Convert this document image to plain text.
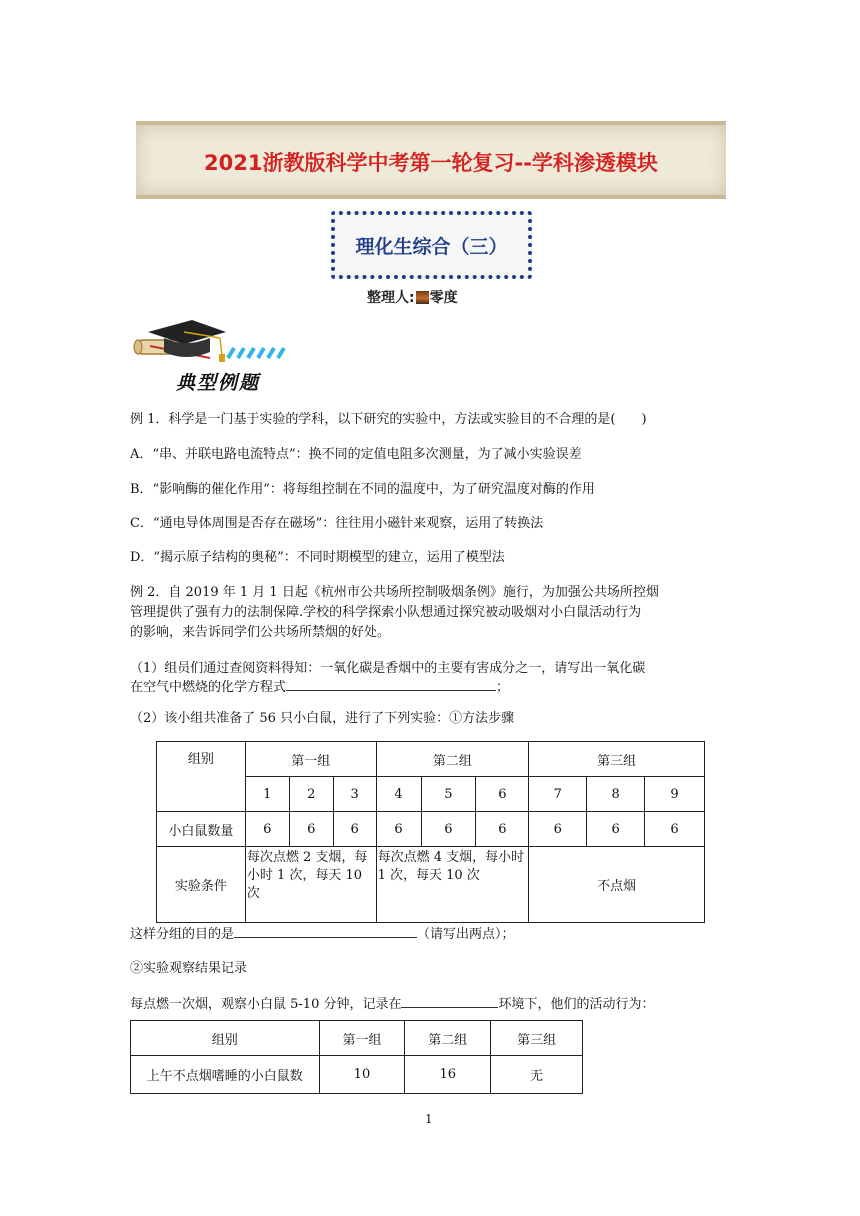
2021浙教版科学中考第一轮复习--学科渗透模块
理化生综合（三）
整理人: 零度
典型例题
例 1．科学是一门基于实验的学科，以下研究的实验中，方法或实验目的不合理的是(　　)
A．“串、并联电路电流特点”：换不同的定值电阻多次测量，为了减小实验误差
B．“影响酶的催化作用”：将每组控制在不同的温度中，为了研究温度对酶的作用
C．“通电导体周围是否存在磁场”：往往用小磁针来观察，运用了转换法
D．“揭示原子结构的奥秘”：不同时期模型的建立，运用了模型法
例 2．自 2019 年 1 月 1 日起《杭州市公共场所控制吸烟条例》施行，为加强公共场所控烟
管理提供了强有力的法制保障.学校的科学探索小队想通过探究被动吸烟对小白鼠活动行为
的影响，来告诉同学们公共场所禁烟的好处。
（1）组员们通过查阅资料得知：一氧化碳是香烟中的主要有害成分之一，请写出一氧化碳
在空气中燃烧的化学方程式	；
（2）该小组共准备了 56 只小白鼠，进行了下列实验：①方法步骤
组别	第一组			第二组			第三组		
	1	2	3	4	5	6	7	8	9
小白鼠数量	6	6	6	6	6	6	6	6	6
实验条件	每次点燃 2 支烟，每小时 1 次，每天 10 次			每次点燃 4 支烟，每小时 1 次，每天 10 次			不点烟		
这样分组的目的是	（请写出两点）；
②实验观察结果记录
每点燃一次烟，观察小白鼠 5-10 分钟，记录在	环境下，他们的活动行为：
组别	第一组	第二组	第三组
上午不点烟嗜睡的小白鼠数	10	16	无
1
